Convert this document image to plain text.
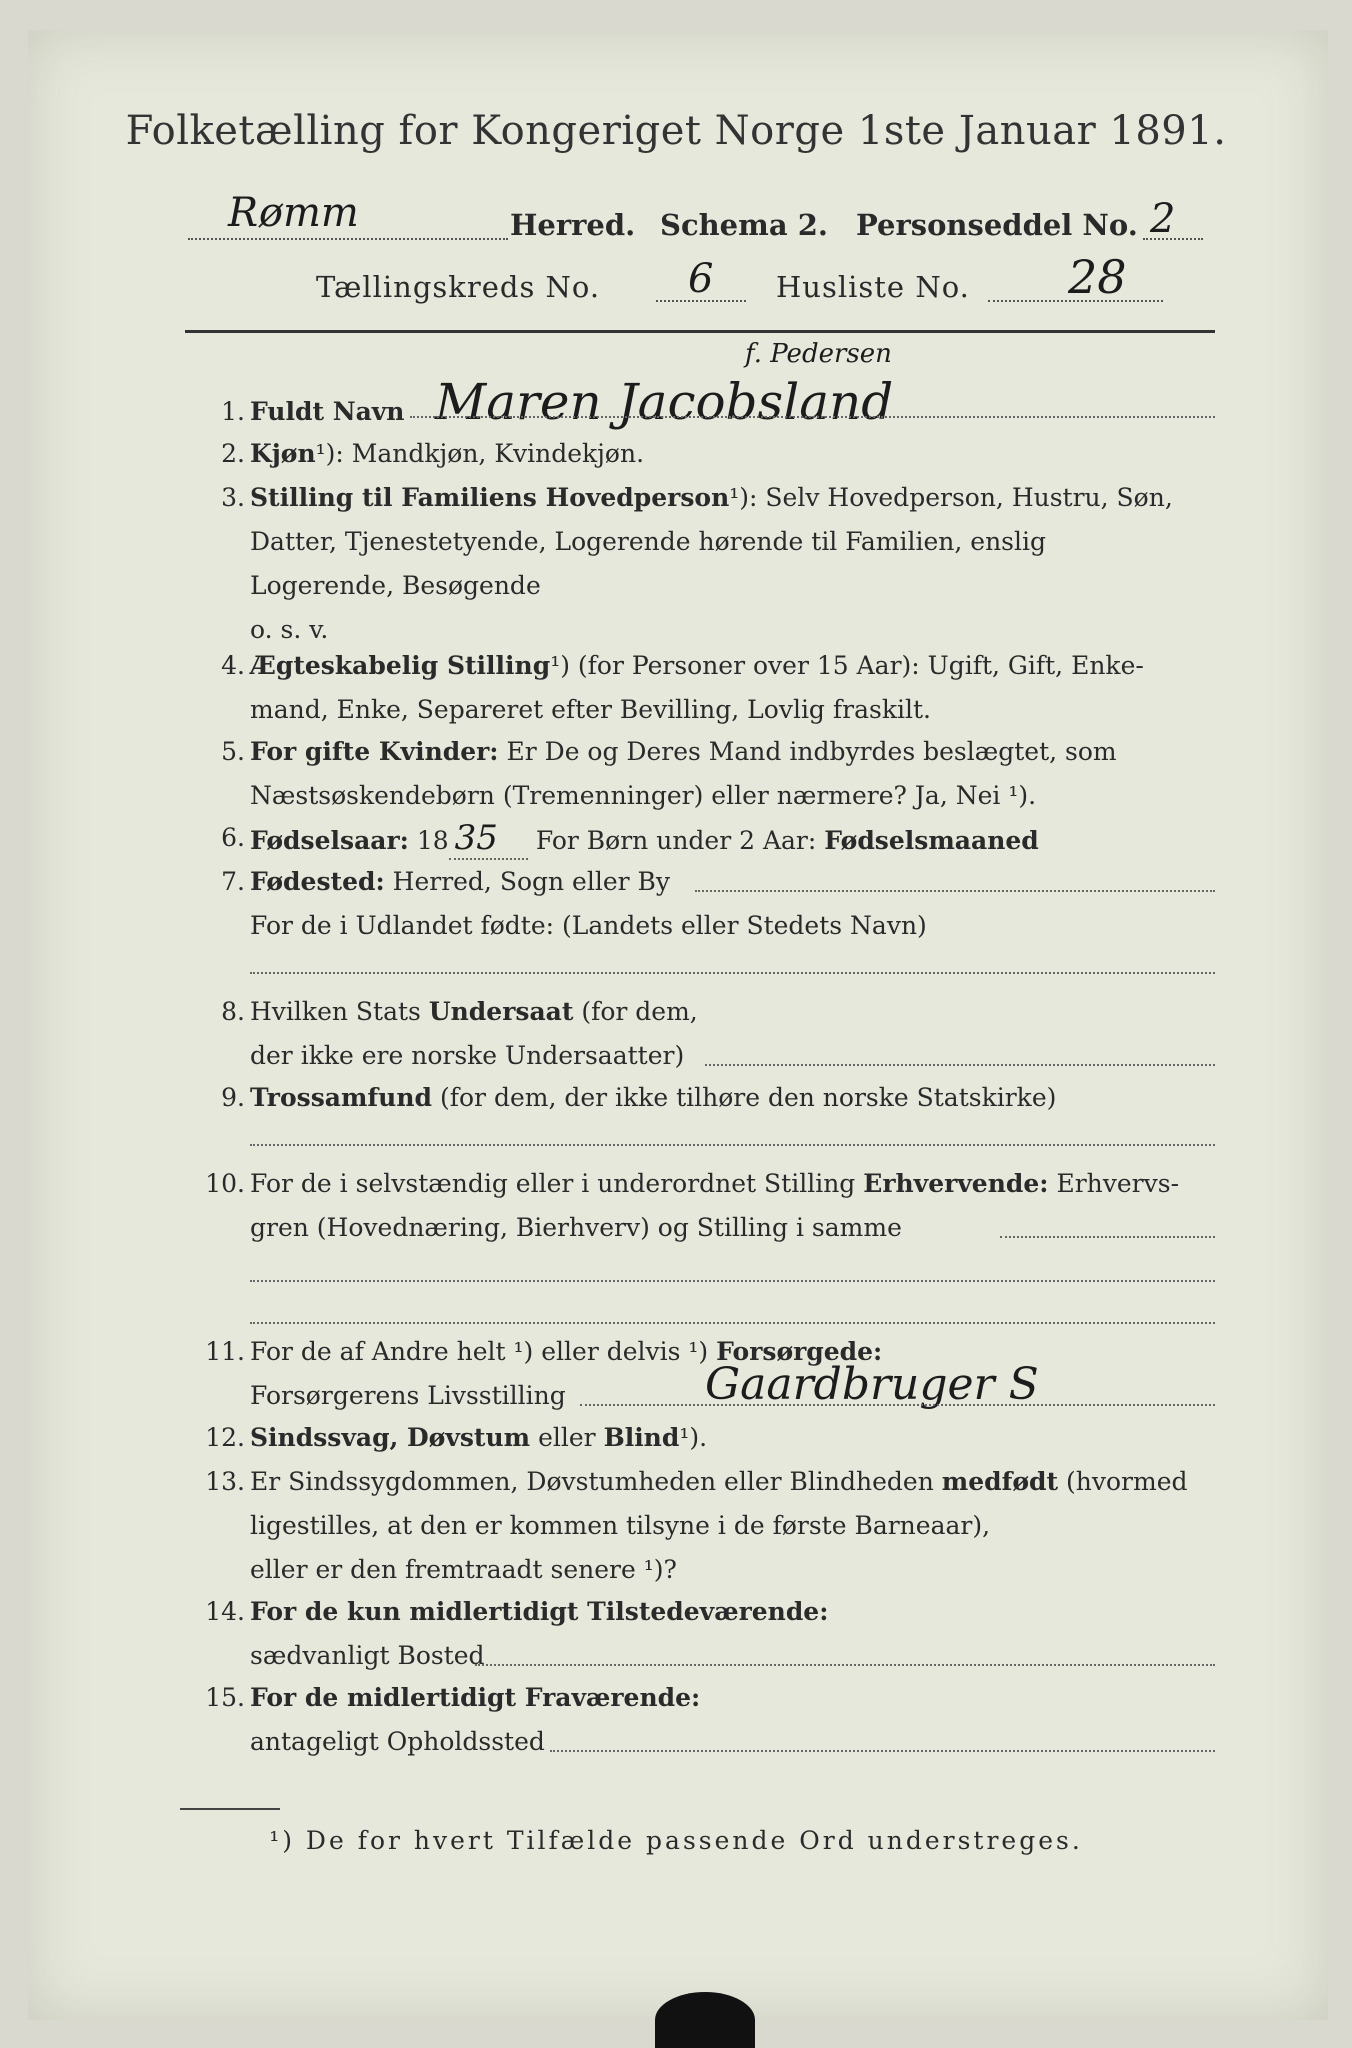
Folketælling for Kongeriget Norge 1ste Januar 1891.
Rømm	Herred. Schema 2. Personseddel No. 2
Tællingskreds No. 6 Husliste No. 28
1. Fuldt Navn
f. Pedersen
Maren Jacobsland
2. Kjøn¹): Mandkjøn, Kvindekjøn.
3. Stilling til Familiens Hovedperson¹): Selv Hovedperson, Hustru, Søn,
Datter, Tjenestetyende, Logerende hørende til Familien, enslig
Logerende, Besøgende
o. s. v.
4. Ægteskabelig Stilling¹) (for Personer over 15 Aar): Ugift, Gift, Enke-
mand, Enke, Separeret efter Bevilling, Lovlig fraskilt.
5. For gifte Kvinder: Er De og Deres Mand indbyrdes beslægtet, som
Næstsøskendebørn (Tremenninger) eller nærmere? Ja, Nei ¹).
6. Fødselsaar: 18 35 For Børn under 2 Aar: Fødselsmaaned
7. Fødested: Herred, Sogn eller By
For de i Udlandet fødte: (Landets eller Stedets Navn)
8. Hvilken Stats Undersaat (for dem,
der ikke ere norske Undersaatter)
9. Trossamfund (for dem, der ikke tilhøre den norske Statskirke)
10. For de i selvstændig eller i underordnet Stilling Erhvervende: Erhvervs-
gren (Hovednæring, Bierhverv) og Stilling i samme
11. For de af Andre helt ¹) eller delvis ¹) Forsørgede:
Forsørgerens Livsstilling	Gaardbruger S
12. Sindssvag, Døvstum eller Blind¹).
13. Er Sindssygdommen, Døvstumheden eller Blindheden medfødt (hvormed
ligestilles, at den er kommen tilsyne i de første Barneaar),
eller er den fremtraadt senere ¹)?
14. For de kun midlertidigt Tilstedeværende:
sædvanligt Bosted
15. For de midlertidigt Fraværende:
antageligt Opholdssted
¹) De for hvert Tilfælde passende Ord understreges.
